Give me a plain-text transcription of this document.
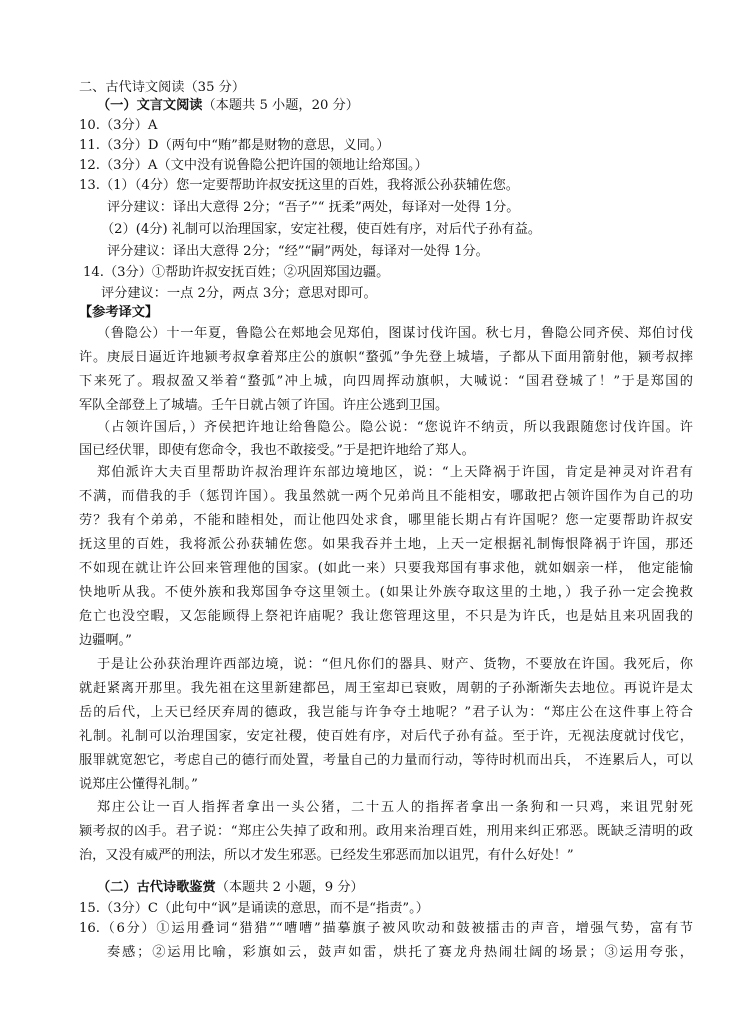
二、古代诗文阅读（35 分）
（一）文言文阅读（本题共 5 小题，20 分）
10.（3分）A
11.（3分）D（两句中“贿”都是财物的意思，义同。）
12.（3分）A（文中没有说鲁隐公把许国的领地让给郑国。）
13.（1）（4分）您一定要帮助许叔安抚这里的百姓，我将派公孙获辅佐您。
评分建议：译出大意得 2分；“吾子”“ 抚柔”两处，每译对一处得 1分。
（2）(4分) 礼制可以治理国家，安定社稷，使百姓有序，对后代子孙有益。
评分建议：译出大意得 2分；“经”“嗣”两处，每译对一处得 1分。
14.（3分）①帮助许叔安抚百姓；②巩固郑国边疆。
评分建议：一点 2分，两点 3分；意思对即可。
【参考译文】
（鲁隐公）十一年夏，鲁隐公在郏地会见郑伯，图谋讨伐许国。秋七月，鲁隐公同齐侯、郑伯讨伐
许。庚辰日逼近许地颍考叔拿着郑庄公的旗帜“蝥弧”争先登上城墙，子都从下面用箭射他，颍考叔摔
下来死了。瑕叔盈又举着“蝥弧”冲上城，向四周挥动旗帜，大喊说：“国君登城了！”于是郑国的
军队全部登上了城墙。壬午日就占领了许国。许庄公逃到卫国。
（占领许国后，）齐侯把许地让给鲁隐公。隐公说：“您说许不纳贡，所以我跟随您讨伐许国。许
国已经伏罪，即使有您命令，我也不敢接受。”于是把许地给了郑人。
郑伯派许大夫百里帮助许叔治理许东部边境地区，说：“上天降祸于许国，肯定是神灵对许君有
不满，而借我的手（惩罚许国）。我虽然就一两个兄弟尚且不能相安，哪敢把占领许国作为自己的功
劳？我有个弟弟，不能和睦相处，而让他四处求食，哪里能长期占有许国呢？您一定要帮助许叔安
抚这里的百姓，我将派公孙获辅佐您。如果我吞并土地，上天一定根据礼制悔恨降祸于许国，那还
不如现在就让许公回来管理他的国家。(如此一来）只要我郑国有事求他，就如姻亲一样， 他定能愉
快地听从我。不使外族和我郑国争夺这里领土。(如果让外族夺取这里的土地，）我子孙一定会挽救
危亡也没空暇，又怎能顾得上祭祀许庙呢？我让您管理这里，不只是为许氏，也是姑且来巩固我的
边疆啊。”
于是让公孙获治理许西部边境，说：“但凡你们的器具、财产、货物，不要放在许国。我死后，你
就赶紧离开那里。我先祖在这里新建都邑，周王室却已衰败，周朝的子孙渐渐失去地位。再说许是太
岳的后代，上天已经厌弃周的德政，我岂能与许争夺土地呢？”君子认为：“郑庄公在这件事上符合
礼制。礼制可以治理国家，安定社稷，使百姓有序，对后代子孙有益。至于许，无视法度就讨伐它，
服罪就宽恕它，考虑自己的德行而处置，考量自己的力量而行动，等待时机而出兵， 不连累后人，可以
说郑庄公懂得礼制。”
郑庄公让一百人指挥者拿出一头公猪，二十五人的指挥者拿出一条狗和一只鸡，来诅咒射死
颍考叔的凶手。君子说：“郑庄公失掉了政和刑。政用来治理百姓，刑用来纠正邪恶。既缺乏清明的政
治，又没有威严的刑法，所以才发生邪恶。已经发生邪恶而加以诅咒，有什么好处！”
（二）古代诗歌鉴赏（本题共 2 小题，9 分）
15.（3分）C（此句中“讽”是诵读的意思，而不是“指责”。）
16.（6分）①运用叠词“猎猎”“嘈嘈”描摹旗子被风吹动和鼓被擂击的声音，增强气势，富有节
奏感；②运用比喻，彩旗如云，鼓声如雷，烘托了赛龙舟热闹壮阔的场景；③运用夸张，
